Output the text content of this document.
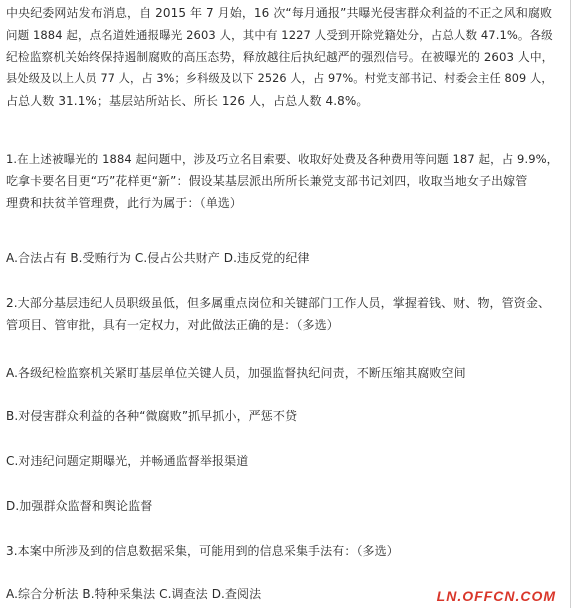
中央纪委网站发布消息，自 2015 年 7 月始，16 次“每月通报”共曝光侵害群众利益的不正之风和腐败
问题 1884 起，点名道姓通报曝光 2603 人，其中有 1227 人受到开除党籍处分，占总人数 47.1%。各级
纪检监察机关始终保持遏制腐败的高压态势，释放越往后执纪越严的强烈信号。在被曝光的 2603 人中，
县处级及以上人员 77 人，占 3%；乡科级及以下 2526 人，占 97%。村党支部书记、村委会主任 809 人，
占总人数 31.1%；基层站所站长、所长 126 人，占总人数 4.8%。
1.在上述被曝光的 1884 起问题中，涉及巧立名目索要、收取好处费及各种费用等问题 187 起，占 9.9%，
吃拿卡要名目更“巧”花样更“新”：假设某基层派出所所长兼党支部书记刘四，收取当地女子出嫁管
理费和扶贫羊管理费，此行为属于：（单选）
A.合法占有 B.受贿行为 C.侵占公共财产 D.违反党的纪律
2.大部分基层违纪人员职级虽低，但多属重点岗位和关键部门工作人员，掌握着钱、财、物，管资金、
管项目、管审批，具有一定权力，对此做法正确的是：（多选）
A.各级纪检监察机关紧盯基层单位关键人员，加强监督执纪问责，不断压缩其腐败空间
B.对侵害群众利益的各种“微腐败”抓早抓小，严惩不贷
C.对违纪问题定期曝光，并畅通监督举报渠道
D.加强群众监督和舆论监督
3.本案中所涉及到的信息数据采集，可能用到的信息采集手法有：（多选）
A.综合分析法 B.特种采集法 C.调查法 D.查阅法	LN.OFFCN.COM
